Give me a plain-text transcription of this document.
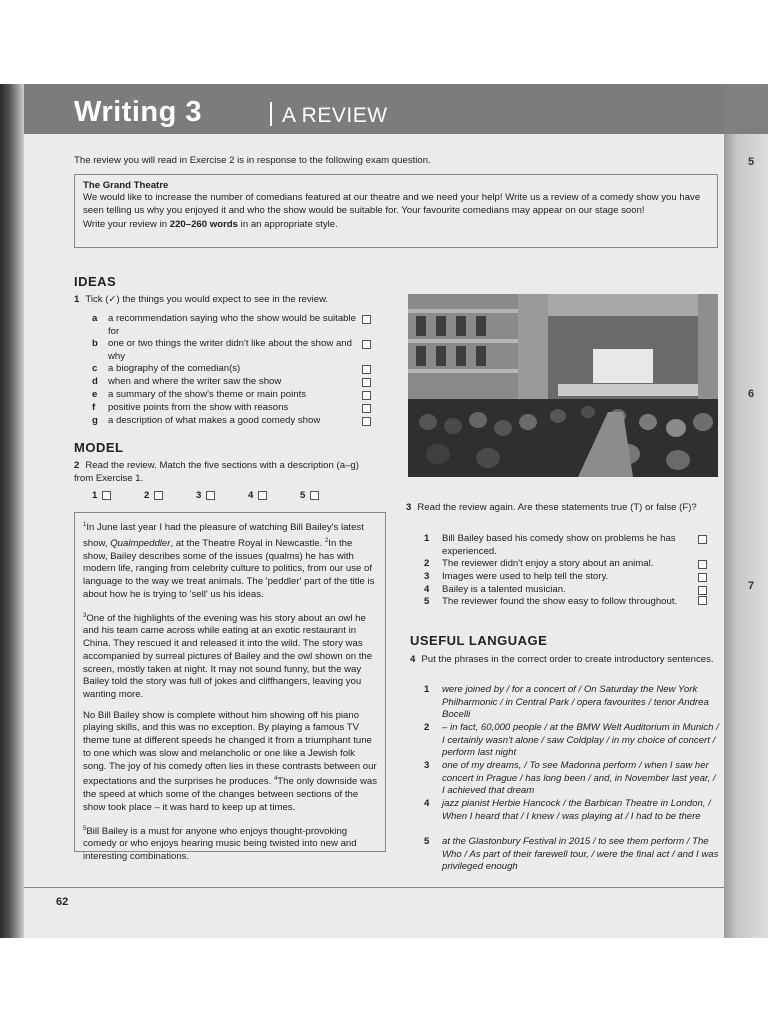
Writing 3	A REVIEW
The review you will read in Exercise 2 is in response to the following exam question.
The Grand Theatre

We would like to increase the number of comedians featured at our theatre and we need your help! Write us a review of a comedy show you have seen telling us why you enjoyed it and who the show would be suitable for. Your favourite comedians may appear on our stage soon!

Write your review in 220–260 words in an appropriate style.

IDEAS
1 Tick (✓) the things you would expect to see in the review.
a	a recommendation saying who the show would be suitable for
b	one or two things the writer didn't like about the show and why
c	a biography of the comedian(s)
d	when and where the writer saw the show
e	a summary of the show's theme or main points
f	positive points from the show with reasons
g	a description of what makes a good comedy show
MODEL
2 Read the review. Match the five sections with a description (a–g) from Exercise 1.
1	2	3	4	5

$^1$In June last year I had the pleasure of watching Bill Bailey's latest show, Qualmpeddler, at the Theatre Royal in Newcastle. $^2$In the show, Bailey describes some of the issues (qualms) he has with modern life, ranging from celebrity culture to politics, from our use of language to the way we treat animals. The 'peddler' part of the title is about how he is trying to 'sell' us his ideas.

$^3$One of the highlights of the evening was his story about an owl he and his team came across while eating at an exotic restaurant in China. They rescued it and released it into the wild. The story was accompanied by surreal pictures of Bailey and the owl shown on the screen, mostly taken at night. It may not sound funny, but the way Bailey told the story was full of jokes and cliffhangers, leaving you wanting more.

No Bill Bailey show is complete without him showing off his piano playing skills, and this was no exception. By playing a famous TV theme tune at different speeds he changed it from a triumphant tune to one which was slow and melancholic or one like a Jewish folk song. The joy of his comedy often lies in these contrasts between our expectations and the surprises he produces. $^4$The only downside was the speed at which some of the changes between sections of the show took place – it was hard to keep up at times.

$^5$Bill Bailey is a must for anyone who enjoys thought-provoking comedy or who enjoys hearing music being twisted into new and interesting combinations.

3 Read the review again. Are these statements true (T) or false (F)?
1 Bill Bailey based his comedy show on problems he has experienced.
2 The reviewer didn't enjoy a story about an animal.
3 Images were used to help tell the story.
4 Bailey is a talented musician.
5 The reviewer found the show easy to follow throughout.
USEFUL LANGUAGE
4 Put the phrases in the correct order to create introductory sentences.
1 were joined by / for a concert of / On Saturday the New York Philharmonic / in Central Park / opera favourites / tenor Andrea Bocelli
2 – in fact, 60,000 people / at the BMW Welt Auditorium in Munich / I certainly wasn't alone / saw Coldplay / in my choice of concert / perform last night
3 one of my dreams, / To see Madonna perform / when I saw her concert in Prague / has long been / and, in November last year, / I achieved that dream
4 jazz pianist Herbie Hancock / the Barbican Theatre in London, / When I heard that / I knew / was playing at / I had to be there
5 at the Glastonbury Festival in 2015 / to see them perform / The Who / As part of their farewell tour, / were the final act / and I was privileged enough
62
5
6
7
